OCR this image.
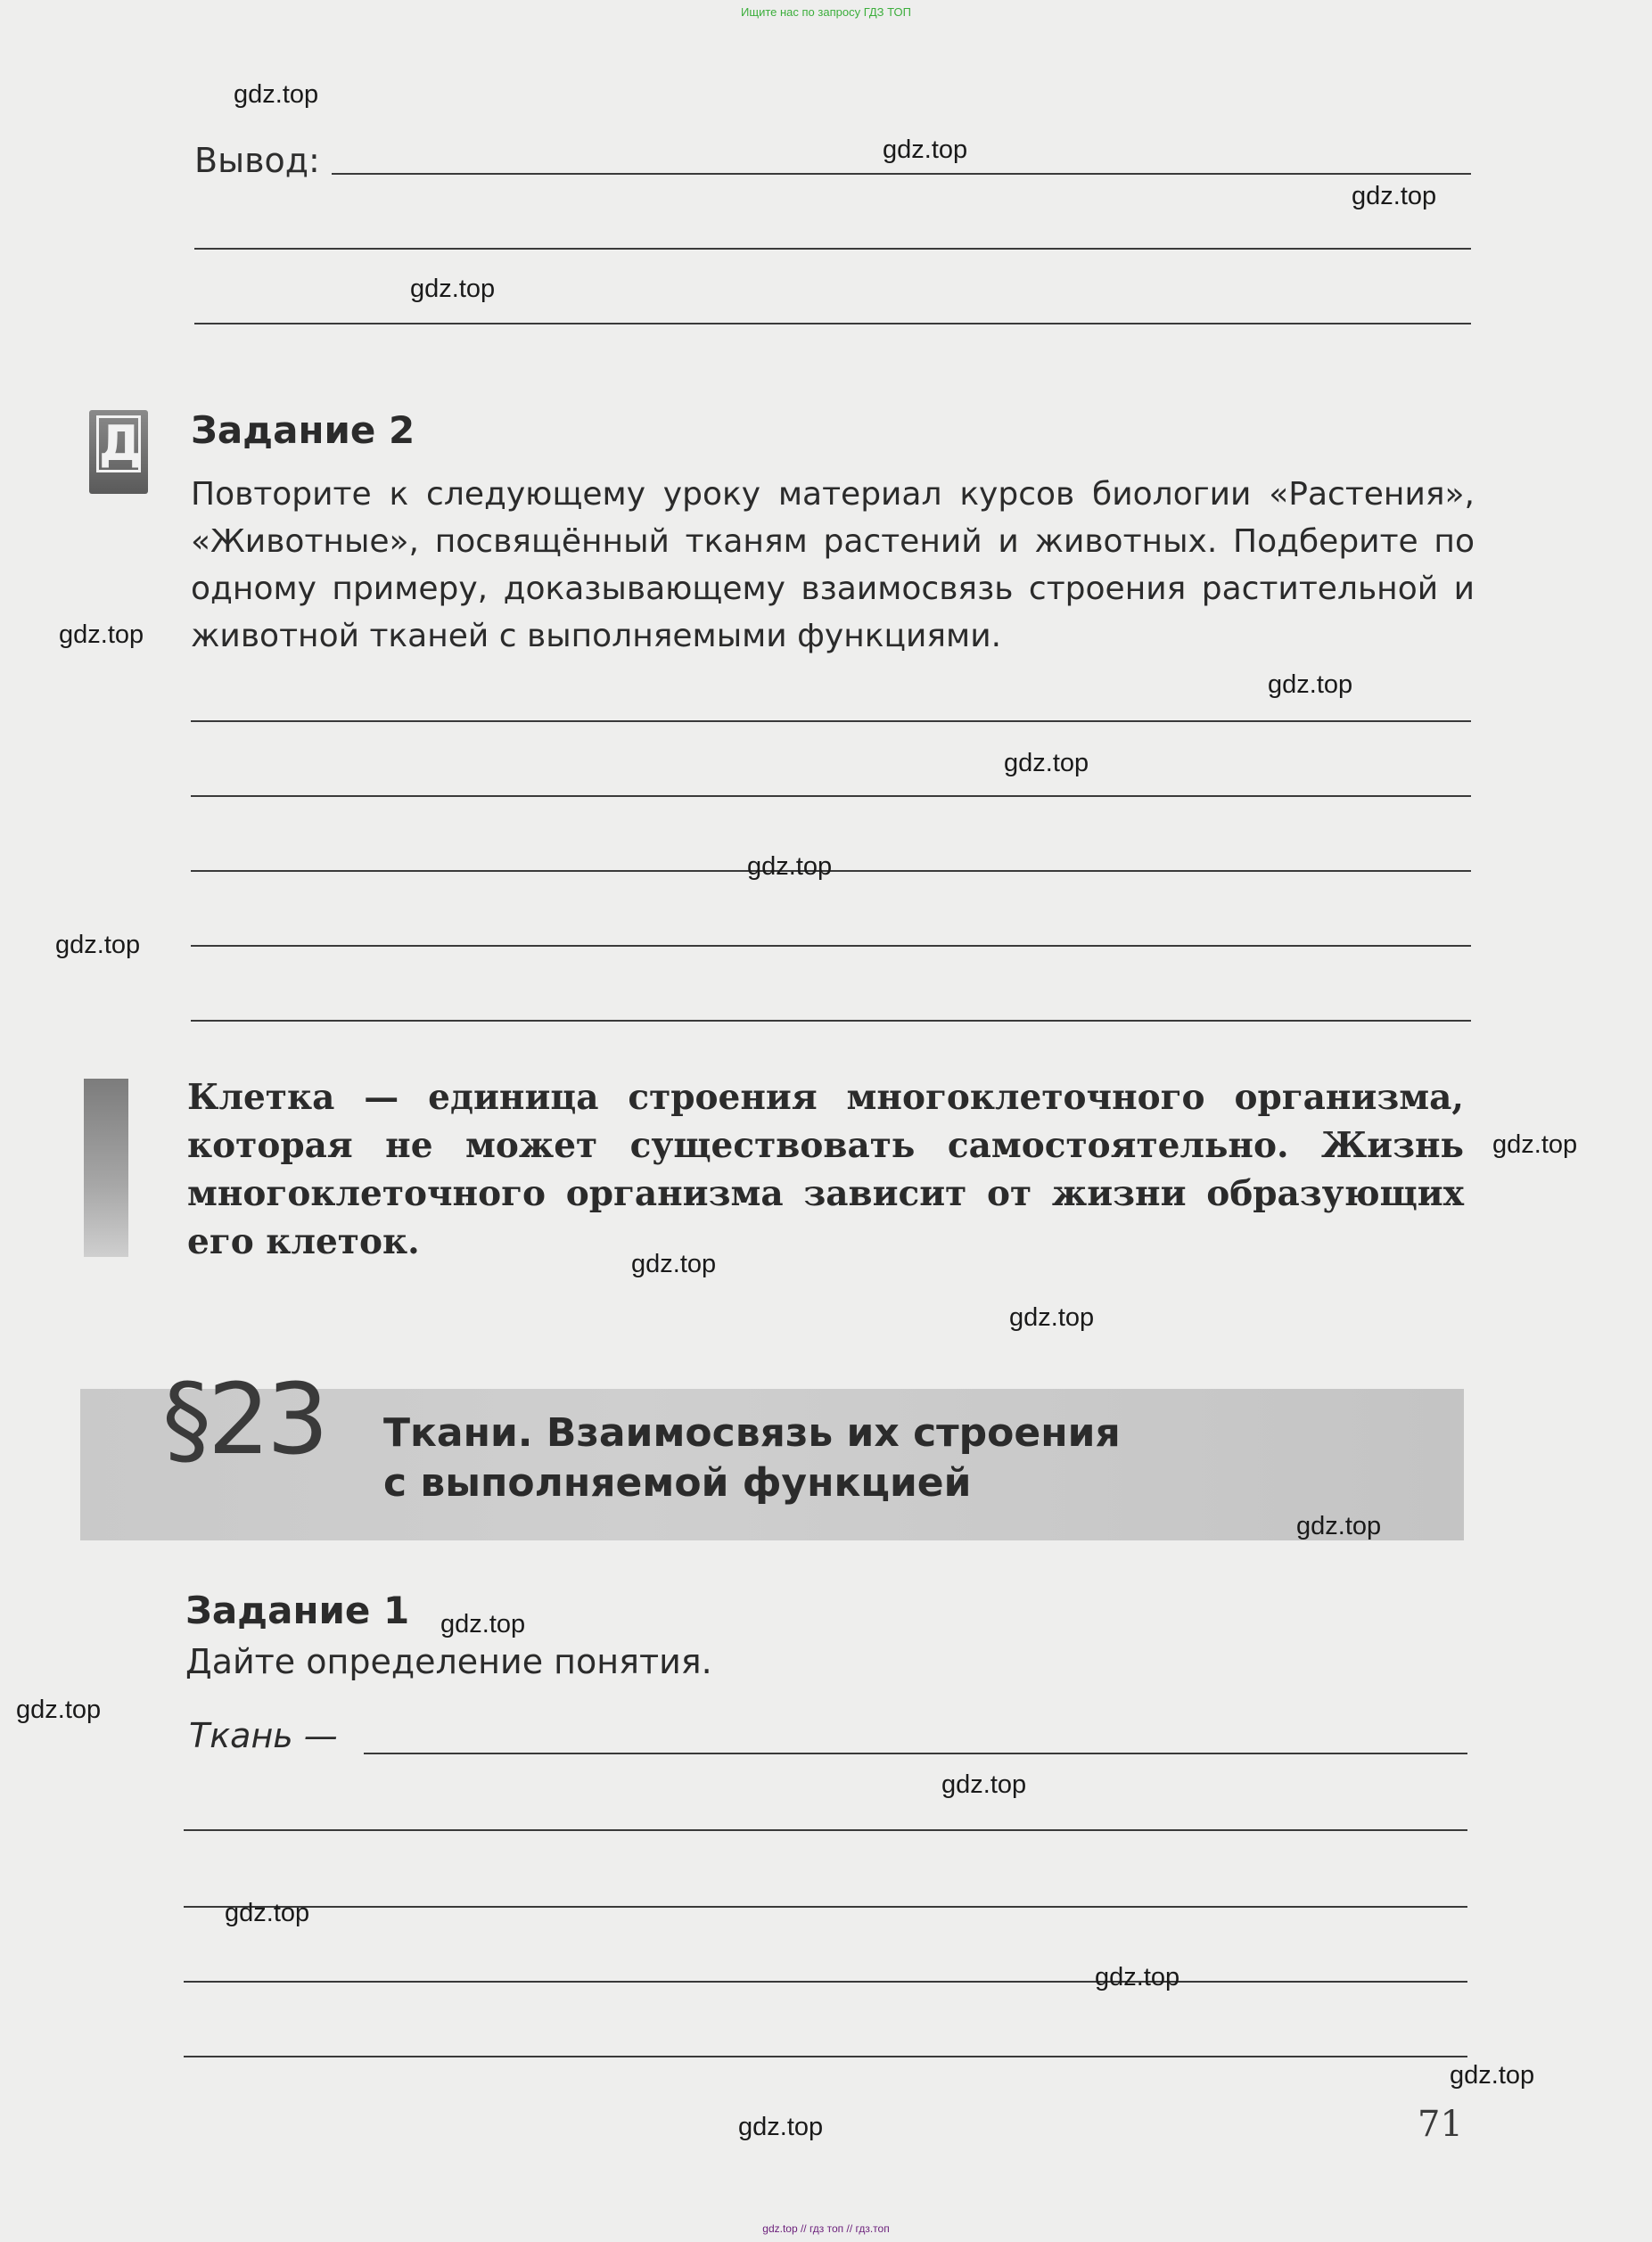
Ищите нас по запросу ГДЗ ТОП
Вывод:
Д Задание 2
Повторите к следующему уроку материал курсов биологии «Растения», «Животные», посвящённый тканям растений и животных. Подберите по одному примеру, доказывающему взаимосвязь строения растительной и животной тканей с выполняемыми функциями.
Клетка — единица строения многоклеточного организма, которая не может существовать самостоятельно. Жизнь многоклеточного организма зависит от жизни образующих его клеток.
§23 Ткани. Взаимосвязь их строения
с выполняемой функцией
Задание 1
Дайте определение понятия.
Ткань —
71
gdz.top
gdz.top
gdz.top
gdz.top
gdz.top
gdz.top
gdz.top
gdz.top
gdz.top
gdz.top
gdz.top
gdz.top
gdz.top
gdz.top
gdz.top
gdz.top
gdz.top
gdz.top
gdz.top
gdz.top
gdz.top // гдз топ // гдз.топ
